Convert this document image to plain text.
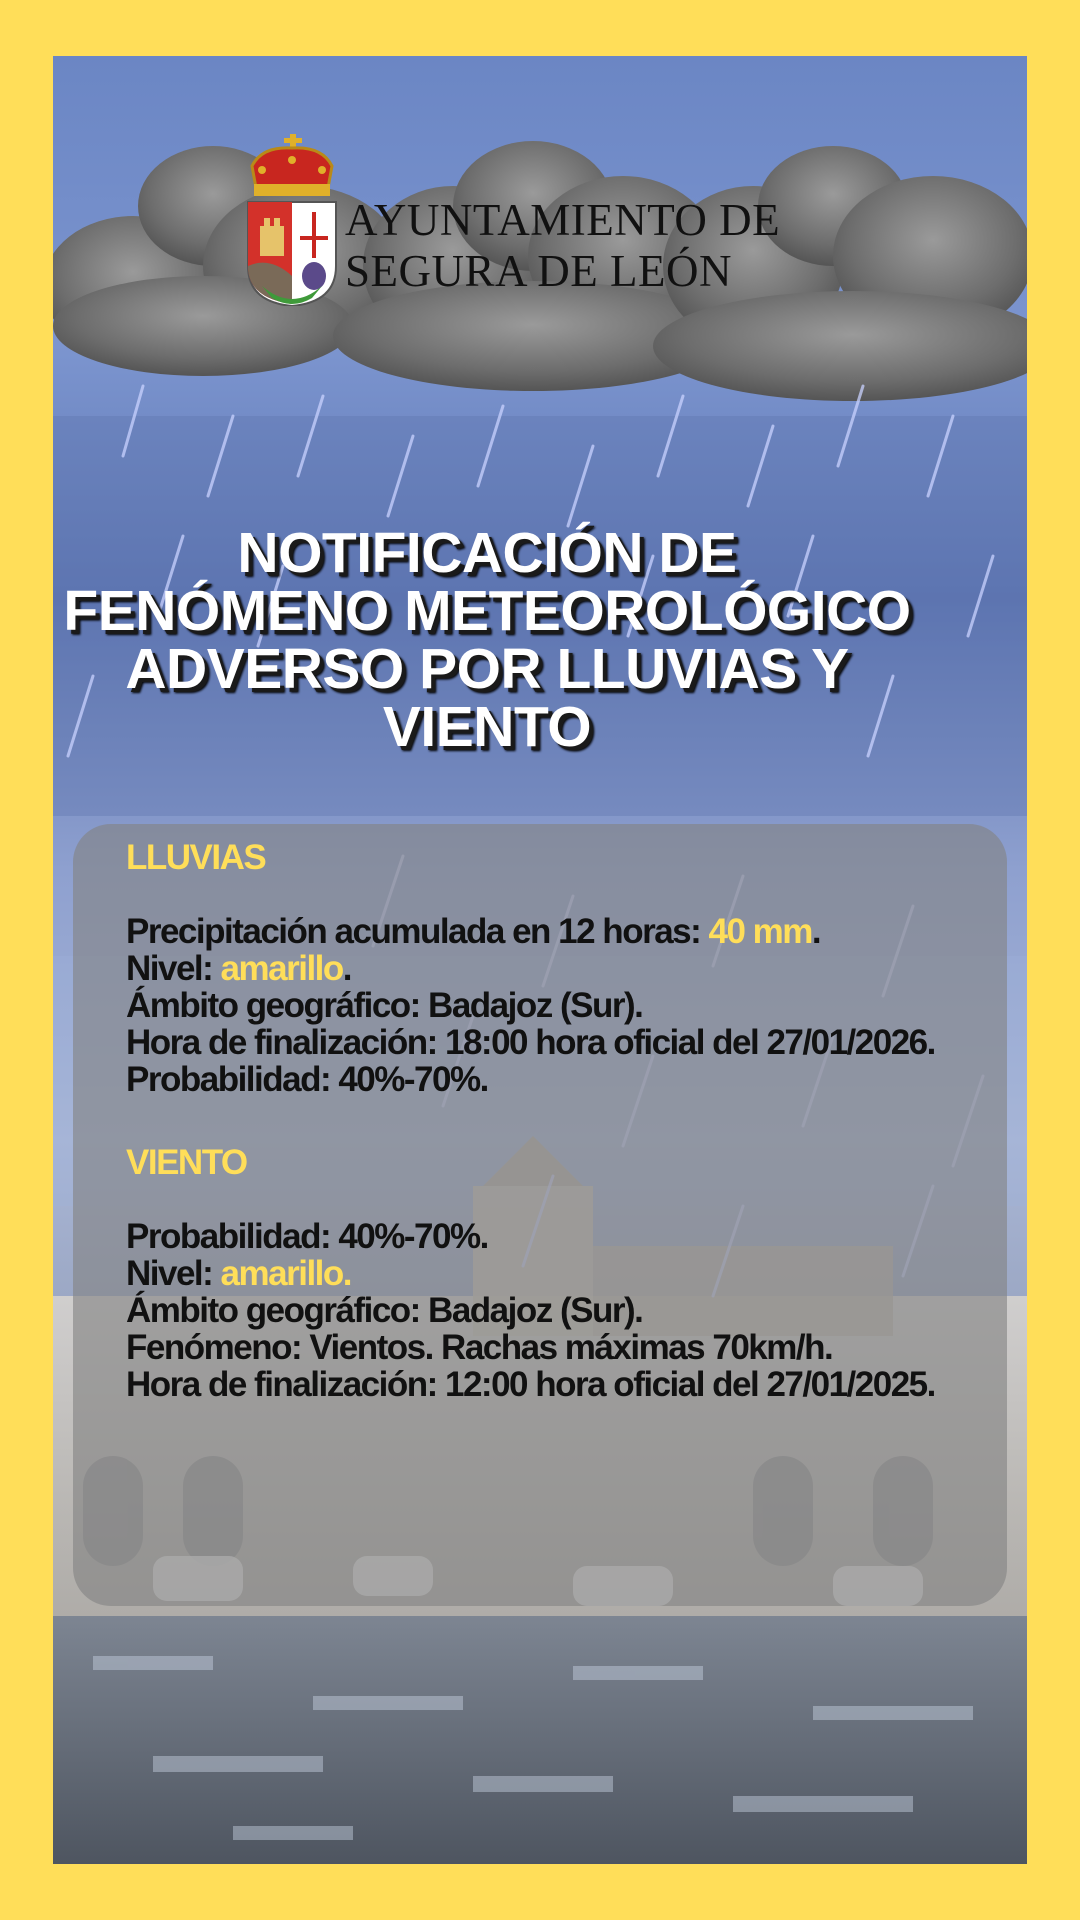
AYUNTAMIENTO DE
SEGURA DE LEÓN
NOTIFICACIÓN DE
FENÓMENO METEOROLÓGICO
ADVERSO POR LLUVIAS Y
VIENTO
LLUVIAS
Precipitación acumulada en 12 horas: 40 mm.
Nivel: amarillo.
Ámbito geográfico: Badajoz (Sur).
Hora de finalización: 18:00 hora oficial del 27/01/2026.
Probabilidad: 40%-70%.
VIENTO
Probabilidad: 40%-70%.
Nivel: amarillo.
Ámbito geográfico: Badajoz (Sur).
Fenómeno: Vientos. Rachas máximas 70km/h.
Hora de finalización: 12:00 hora oficial del 27/01/2025.
